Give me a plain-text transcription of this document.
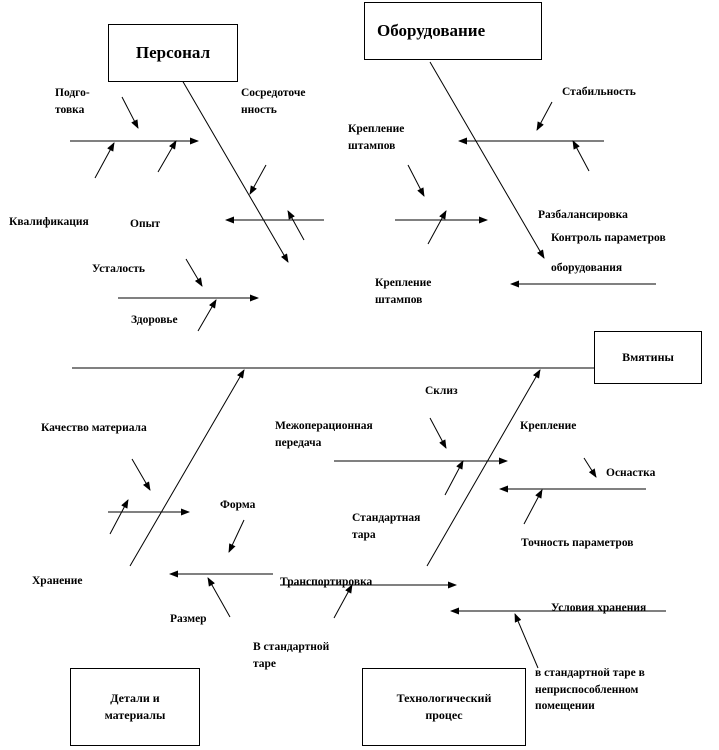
Персонал
Оборудование
Вмятины
Детали и
материалы
Технологический
процес
Подго-
товка
Сосредоточе
нность
Квалификация	Опыт
Усталость
Здоровье
Крепление
штампов
Стабильность
Разбалансировка
Контроль параметров
оборудования
Крепление
штампов
Качество материала
Форма
Хранение
Размер
Межоперационная
передача
Стандартная
тара
Транспортировка
В стандартной
таре
Склиз
Крепление
Оснастка
Точность параметров
Условия хранения
в стандартной таре в
неприспособленном
помещении
